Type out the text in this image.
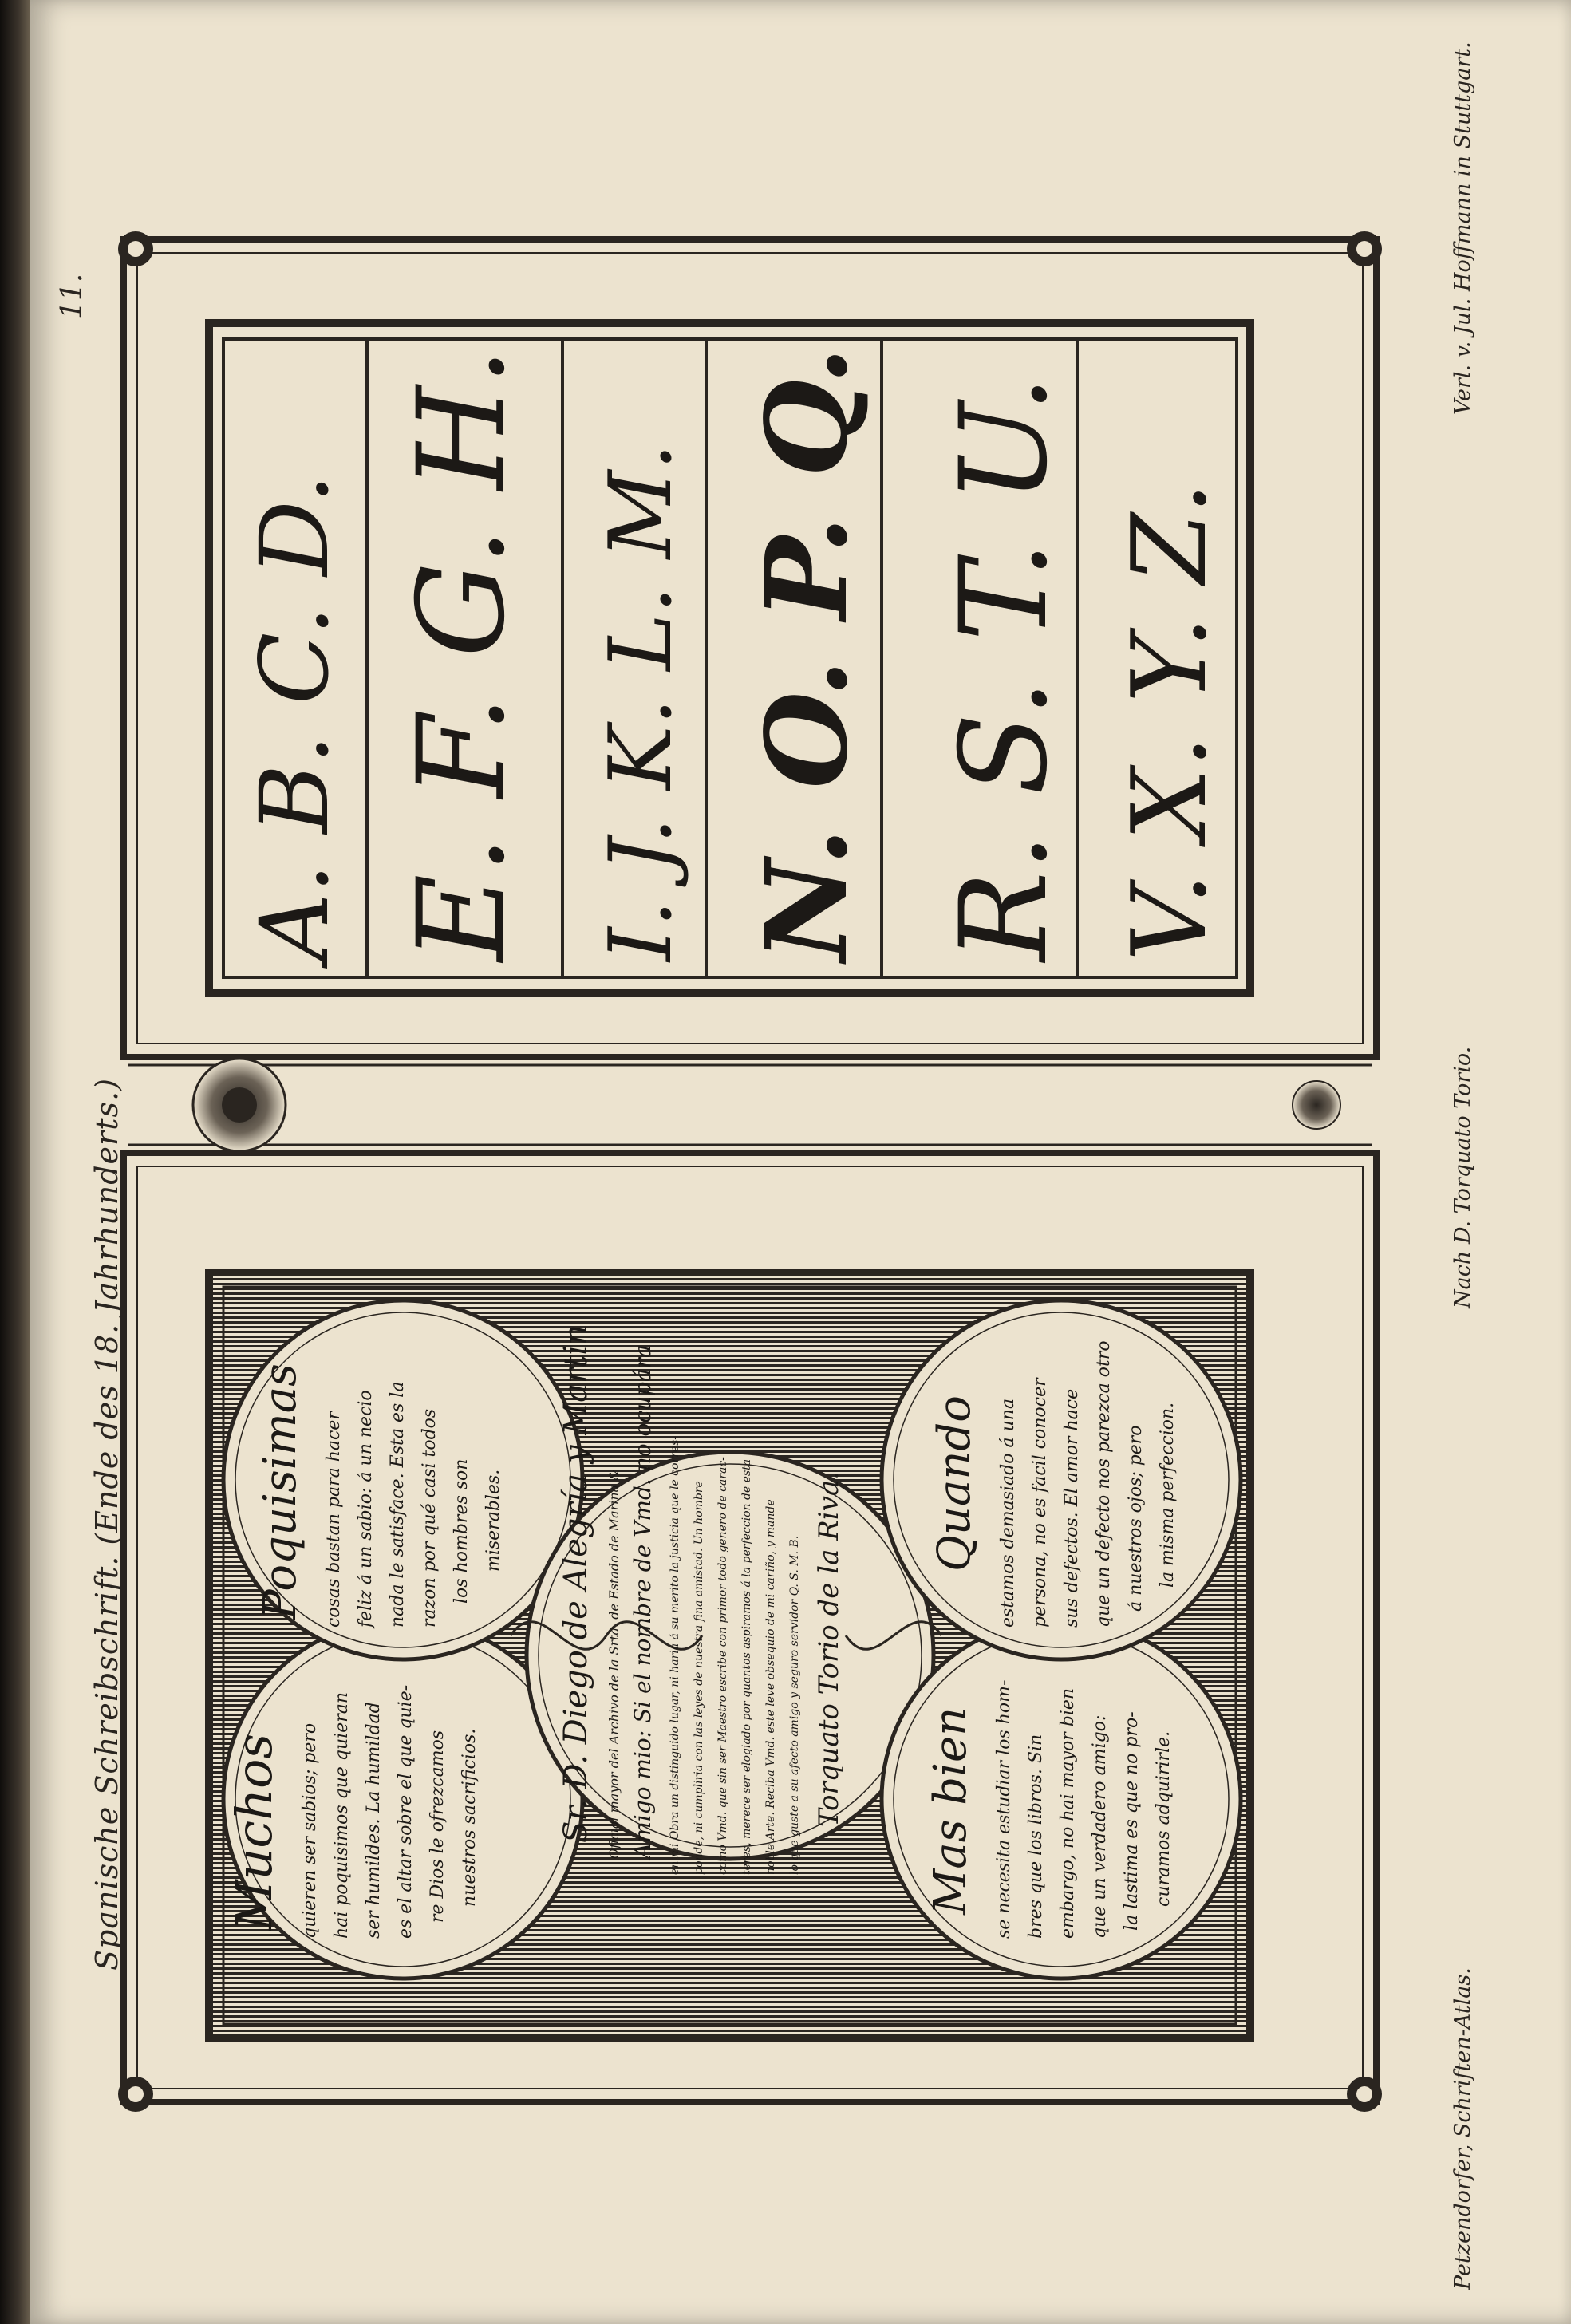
Spanische Schreibschrift. (Ende des 18. Jahrhunderts.)
11.
Petzendorfer, Schriften-Atlas.
Nach D. Torquato Torio.
Verl. v. Jul. Hoffmann in Stuttgart.
A. B. C. D. E. F. G. H. I. J. K. L. M. N. O. P. Q. R. S. T. U. V. X. Y. Z.
Muchos quieren ser sabios; pero hai poquisimos que quieran ser humildes. La humildad es el altar sobre el que quie- re Dios le ofrezcamos nuestros sacrificios.
Poquisimas cosas bastan para hacer feliz á un sabio: á un necio nada le satisface. Esta es la razon por qué casi todos los hombres son miserables. Sr. D. Diego de Alegría y Martin Oficial mayor del Archivo de la Srta. de Estado de Marina & Amigo mio: Si el nombre de Vmd. no ocupára en mi Obra un distinguido lugar, ni haria á su merito la justicia que le corres- ponde, ni cumpliria con las leyes de nuestra fina amistad. Un hombre como Vmd. que sin ser Maestro escribe con primor todo genero de carac- teres, merece ser elogiado por quantos aspiramos á la perfeccion de esta noble Arte. Reciba Vmd. este leve obsequio de mi cariño, y mande lo que guste a su afecto amigo y seguro servidor Q. S. M. B. Torquato Torio de la Riva. Mas bien se necesita estudiar los hom- bres que los libros. Sin embargo, no hai mayor bien que un verdadero amigo: la lastima es que no pro- curamos adquirirle.
Quando estamos demasiado á una persona, no es facil conocer sus defectos. El amor hace que un defecto nos parezca otro á nuestros ojos; pero la misma perfeccion.
